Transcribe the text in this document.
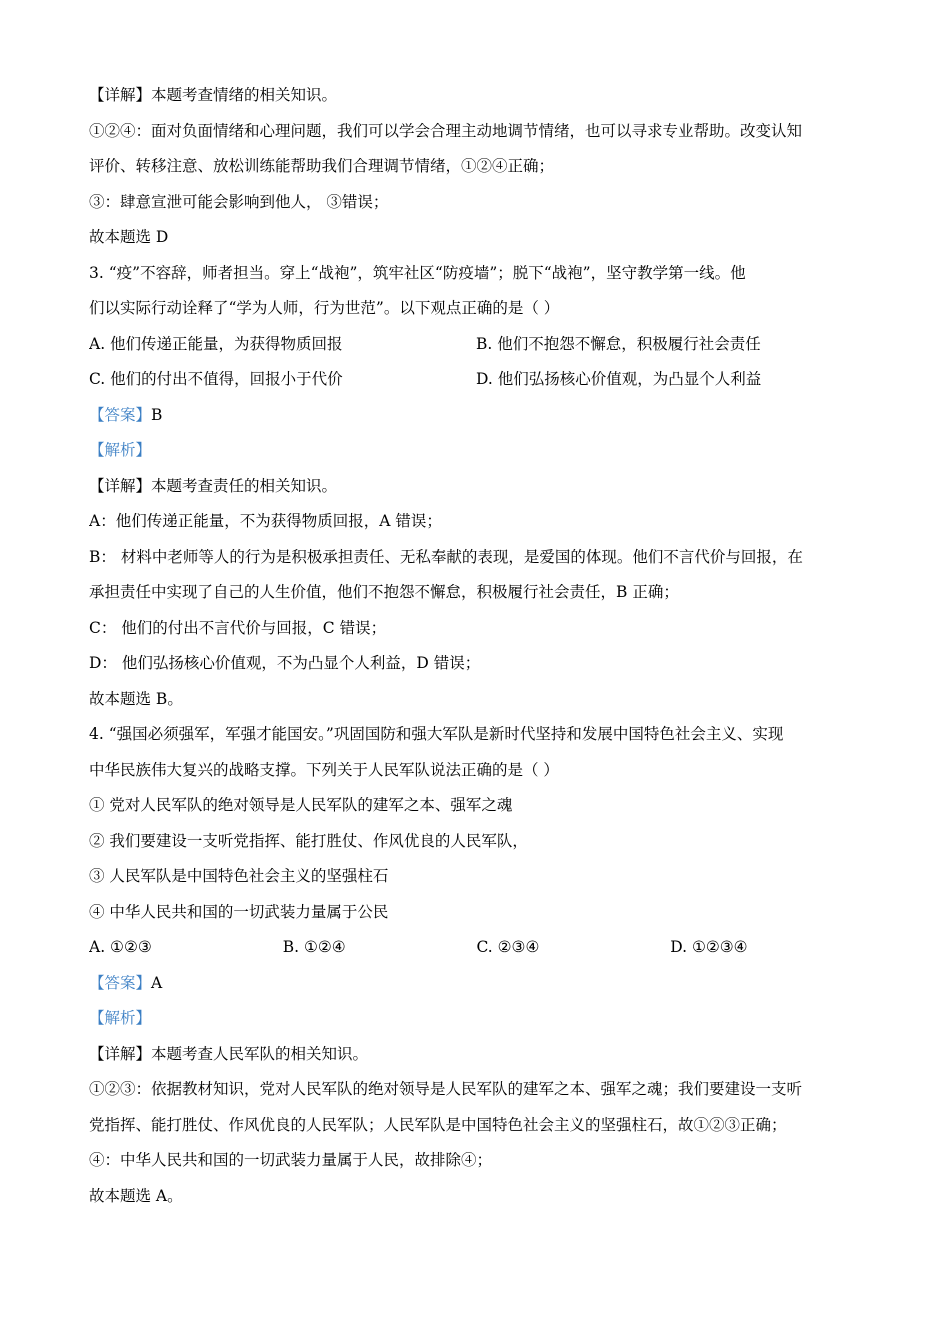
【详解】本题考查情绪的相关知识。
①②④：面对负面情绪和心理问题，我们可以学会合理主动地调节情绪，也可以寻求专业帮助。改变认知
评价、转移注意、放松训练能帮助我们合理调节情绪，①②④正确；
③：肆意宣泄可能会影响到他人， ③错误；
故本题选 D
3. “疫”不容辞，师者担当。穿上“战袍”，筑牢社区“防疫墙”；脱下“战袍”，坚守教学第一线。他
们以实际行动诠释了“学为人师，行为世范”。以下观点正确的是（ ）
A. 他们传递正能量，为获得物质回报	B. 他们不抱怨不懈怠，积极履行社会责任
C. 他们的付出不值得，回报小于代价	D. 他们弘扬核心价值观，为凸显个人利益
【答案】B
【解析】
【详解】本题考查责任的相关知识。
A：他们传递正能量，不为获得物质回报，A 错误；
B： 材料中老师等人的行为是积极承担责任、无私奉献的表现，是爱国的体现。他们不言代价与回报，在
承担责任中实现了自己的人生价值，他们不抱怨不懈怠，积极履行社会责任，B 正确；
C： 他们的付出不言代价与回报，C 错误；
D： 他们弘扬核心价值观，不为凸显个人利益，D 错误；
故本题选 B。
4. “强国必须强军，军强才能国安。”巩固国防和强大军队是新时代坚持和发展中国特色社会主义、实现
中华民族伟大复兴的战略支撑。下列关于人民军队说法正确的是（ ）
① 党对人民军队的绝对领导是人民军队的建军之本、强军之魂
② 我们要建设一支听党指挥、能打胜仗、作风优良的人民军队，
③ 人民军队是中国特色社会主义的坚强柱石
④ 中华人民共和国的一切武装力量属于公民
A. ①②③	B. ①②④	C. ②③④	D. ①②③④
【答案】A
【解析】
【详解】本题考查人民军队的相关知识。
①②③：依据教材知识，党对人民军队的绝对领导是人民军队的建军之本、强军之魂；我们要建设一支听
党指挥、能打胜仗、作风优良的人民军队；人民军队是中国特色社会主义的坚强柱石，故①②③正确；
④：中华人民共和国的一切武装力量属于人民，故排除④；
故本题选 A。
